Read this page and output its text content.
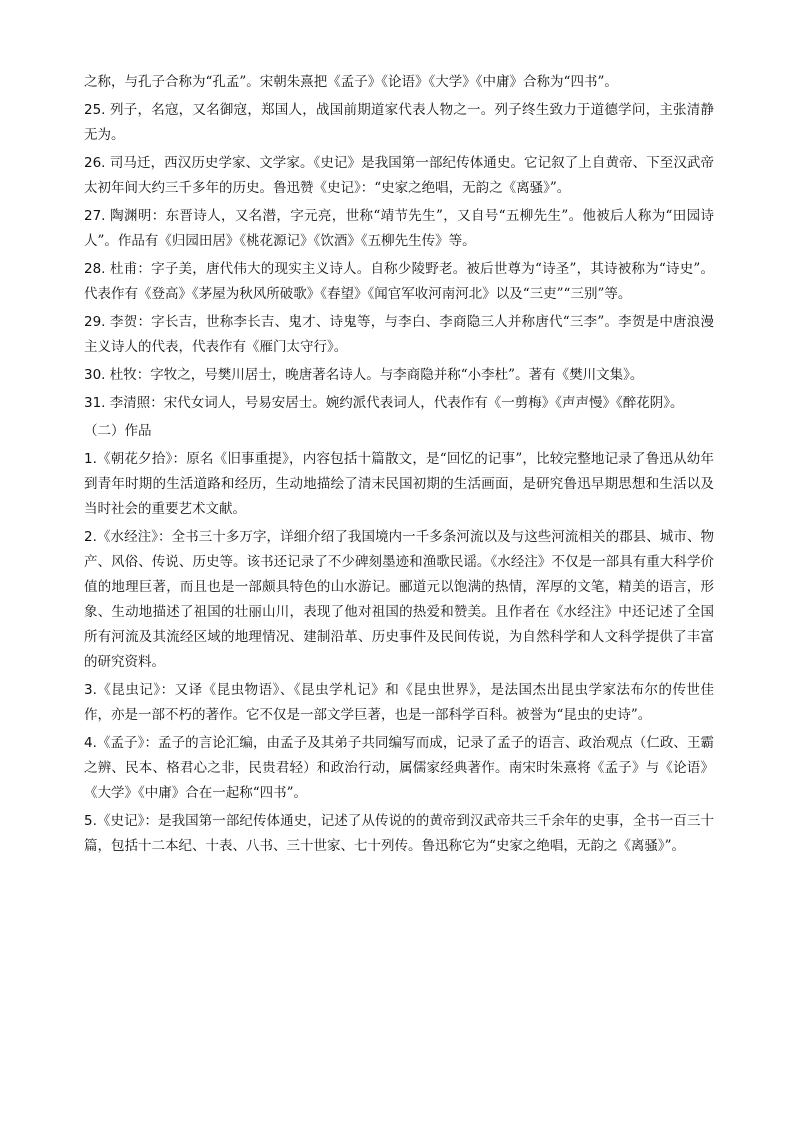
之称，与孔子合称为“孔孟”。宋朝朱熹把《孟子》《论语》《大学》《中庸》合称为“四书”。

25. 列子，名寇，又名御寇，郑国人，战国前期道家代表人物之一。列子终生致力于道德学问，主张清静无为。

26. 司马迁，西汉历史学家、文学家。《史记》是我国第一部纪传体通史。它记叙了上自黄帝、下至汉武帝太初年间大约三千多年的历史。鲁迅赞《史记》：“史家之绝唱，无韵之《离骚》”。

27. 陶渊明：东晋诗人，又名潜，字元亮，世称“靖节先生”，又自号“五柳先生”。他被后人称为“田园诗人”。作品有《归园田居》《桃花源记》《饮酒》《五柳先生传》等。

28. 杜甫：字子美，唐代伟大的现实主义诗人。自称少陵野老。被后世尊为“诗圣”，其诗被称为“诗史”。代表作有《登高》《茅屋为秋风所破歌》《春望》《闻官军收河南河北》以及“三吏”“三别”等。

29. 李贺：字长吉，世称李长吉、鬼才、诗鬼等，与李白、李商隐三人并称唐代“三李”。李贺是中唐浪漫主义诗人的代表，代表作有《雁门太守行》。

30. 杜牧：字牧之，号樊川居士，晚唐著名诗人。与李商隐并称“小李杜”。著有《樊川文集》。

31. 李清照：宋代女词人，号易安居士。婉约派代表词人，代表作有《一剪梅》《声声慢》《醉花阴》。

（二）作品

1.《朝花夕拾》：原名《旧事重提》，内容包括十篇散文，是“回忆的记事”，比较完整地记录了鲁迅从幼年到青年时期的生活道路和经历，生动地描绘了清末民国初期的生活画面，是研究鲁迅早期思想和生活以及当时社会的重要艺术文献。

2.《水经注》：全书三十多万字，详细介绍了我国境内一千多条河流以及与这些河流相关的郡县、城市、物产、风俗、传说、历史等。该书还记录了不少碑刻墨迹和渔歌民谣。《水经注》不仅是一部具有重大科学价值的地理巨著，而且也是一部颇具特色的山水游记。郦道元以饱满的热情，浑厚的文笔，精美的语言，形象、生动地描述了祖国的壮丽山川，表现了他对祖国的热爱和赞美。且作者在《水经注》中还记述了全国所有河流及其流经区域的地理情况、建制沿革、历史事件及民间传说，为自然科学和人文科学提供了丰富的研究资料。

3.《昆虫记》：又译《昆虫物语》、《昆虫学札记》和《昆虫世界》，是法国杰出昆虫学家法布尔的传世佳作，亦是一部不朽的著作。它不仅是一部文学巨著，也是一部科学百科。被誉为“昆虫的史诗”。

4.《孟子》：孟子的言论汇编，由孟子及其弟子共同编写而成，记录了孟子的语言、政治观点（仁政、王霸之辨、民本、格君心之非，民贵君轻）和政治行动，属儒家经典著作。南宋时朱熹将《孟子》与《论语》《大学》《中庸》合在一起称“四书”。

5.《史记》：是我国第一部纪传体通史，记述了从传说的的黄帝到汉武帝共三千余年的史事，全书一百三十篇，包括十二本纪、十表、八书、三十世家、七十列传。鲁迅称它为“史家之绝唱，无韵之《离骚》”。
